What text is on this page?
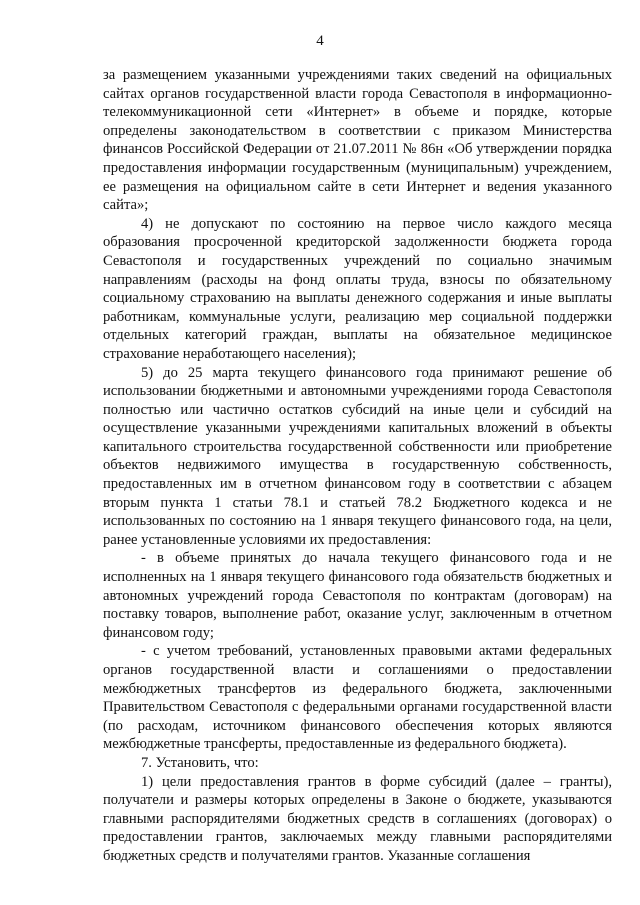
4

за размещением указанными учреждениями таких сведений на официальных сайтах органов государственной власти города Севастополя в информационно-телекоммуникационной сети «Интернет» в объеме и порядке, которые определены законодательством в соответствии с приказом Министерства финансов Российской Федерации от 21.07.2011 № 86н «Об утверждении порядка предоставления информации государственным (муниципальным) учреждением, ее размещения на официальном сайте в сети Интернет и ведения указанного сайта»;

4) не допускают по состоянию на первое число каждого месяца образования просроченной кредиторской задолженности бюджета города Севастополя и государственных учреждений по социально значимым направлениям (расходы на фонд оплаты труда, взносы по обязательному социальному страхованию на выплаты денежного содержания и иные выплаты работникам, коммунальные услуги, реализацию мер социальной поддержки отдельных категорий граждан, выплаты на обязательное медицинское страхование неработающего населения);

5) до 25 марта текущего финансового года принимают решение об использовании бюджетными и автономными учреждениями города Севастополя полностью или частично остатков субсидий на иные цели и субсидий на осуществление указанными учреждениями капитальных вложений в объекты капитального строительства государственной собственности или приобретение объектов недвижимого имущества в государственную собственность, предоставленных им в отчетном финансовом году в соответствии с абзацем вторым пункта 1 статьи 78.1 и статьей 78.2 Бюджетного кодекса и не использованных по состоянию на 1 января текущего финансового года, на цели, ранее установленные условиями их предоставления:

- в объеме принятых до начала текущего финансового года и не исполненных на 1 января текущего финансового года обязательств бюджетных и автономных учреждений города Севастополя по контрактам (договорам) на поставку товаров, выполнение работ, оказание услуг, заключенным в отчетном финансовом году;

- с учетом требований, установленных правовыми актами федеральных органов государственной власти и соглашениями о предоставлении межбюджетных трансфертов из федерального бюджета, заключенными Правительством Севастополя с федеральными органами государственной власти (по расходам, источником финансового обеспечения которых являются межбюджетные трансферты, предоставленные из федерального бюджета).

7. Установить, что:

1) цели предоставления грантов в форме субсидий (далее – гранты), получатели и размеры которых определены в Законе о бюджете, указываются главными распорядителями бюджетных средств в соглашениях (договорах) о предоставлении грантов, заключаемых между главными распорядителями бюджетных средств и получателями грантов. Указанные соглашения
